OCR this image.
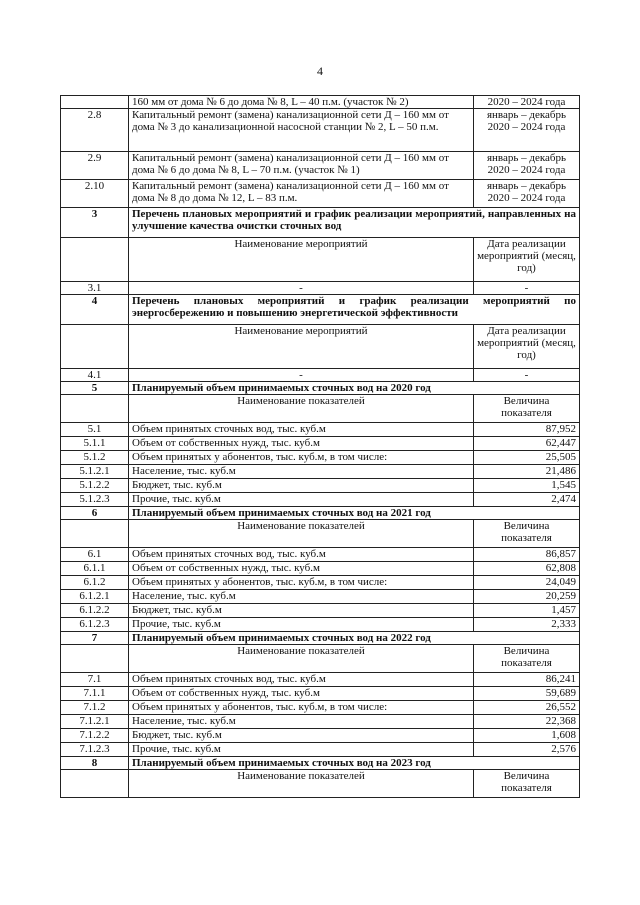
4
	160 мм от дома № 6 до дома № 8, L – 40 п.м. (участок № 2)	2020 – 2024 года
2.8	Капитальный ремонт (замена) канализационной сети Д – 160 мм от дома № 3 до канализационной насосной станции № 2, L – 50 п.м.	январь – декабрь 2020 – 2024 года
2.9	Капитальный ремонт (замена) канализационной сети Д – 160 мм от дома № 6 до дома № 8, L – 70 п.м. (участок № 1)	январь – декабрь 2020 – 2024 года
2.10	Капитальный ремонт (замена) канализационной сети Д – 160 мм от дома № 8 до дома № 12, L – 83 п.м.	январь – декабрь 2020 – 2024 года
3	Перечень плановых мероприятий и график реализации мероприятий, направленных на улучшение качества очистки сточных вод	
	Наименование мероприятий	Дата реализации мероприятий (месяц, год)
3.1	-	-
4	Перечень плановых мероприятий и график реализации мероприятий по энергосбережению и повышению энергетической эффективности	
	Наименование мероприятий	Дата реализации мероприятий (месяц, год)
4.1	-	-
5	Планируемый объем принимаемых сточных вод на 2020 год	
	Наименование показателей	Величина показателя
5.1	Объем принятых сточных вод, тыс. куб.м	87,952
5.1.1	Объем от собственных нужд, тыс. куб.м	62,447
5.1.2	Объем принятых у абонентов, тыс. куб.м, в том числе:	25,505
5.1.2.1	Население, тыс. куб.м	21,486
5.1.2.2	Бюджет, тыс. куб.м	1,545
5.1.2.3	Прочие, тыс. куб.м	2,474
6	Планируемый объем принимаемых сточных вод на 2021 год	
	Наименование показателей	Величина показателя
6.1	Объем принятых сточных вод, тыс. куб.м	86,857
6.1.1	Объем от собственных нужд, тыс. куб.м	62,808
6.1.2	Объем принятых у абонентов, тыс. куб.м, в том числе:	24,049
6.1.2.1	Население, тыс. куб.м	20,259
6.1.2.2	Бюджет, тыс. куб.м	1,457
6.1.2.3	Прочие, тыс. куб.м	2,333
7	Планируемый объем принимаемых сточных вод на 2022 год	
	Наименование показателей	Величина показателя
7.1	Объем принятых сточных вод, тыс. куб.м	86,241
7.1.1	Объем от собственных нужд, тыс. куб.м	59,689
7.1.2	Объем принятых у абонентов, тыс. куб.м, в том числе:	26,552
7.1.2.1	Население, тыс. куб.м	22,368
7.1.2.2	Бюджет, тыс. куб.м	1,608
7.1.2.3	Прочие, тыс. куб.м	2,576
8	Планируемый объем принимаемых сточных вод на 2023 год	
	Наименование показателей	Величина показателя
